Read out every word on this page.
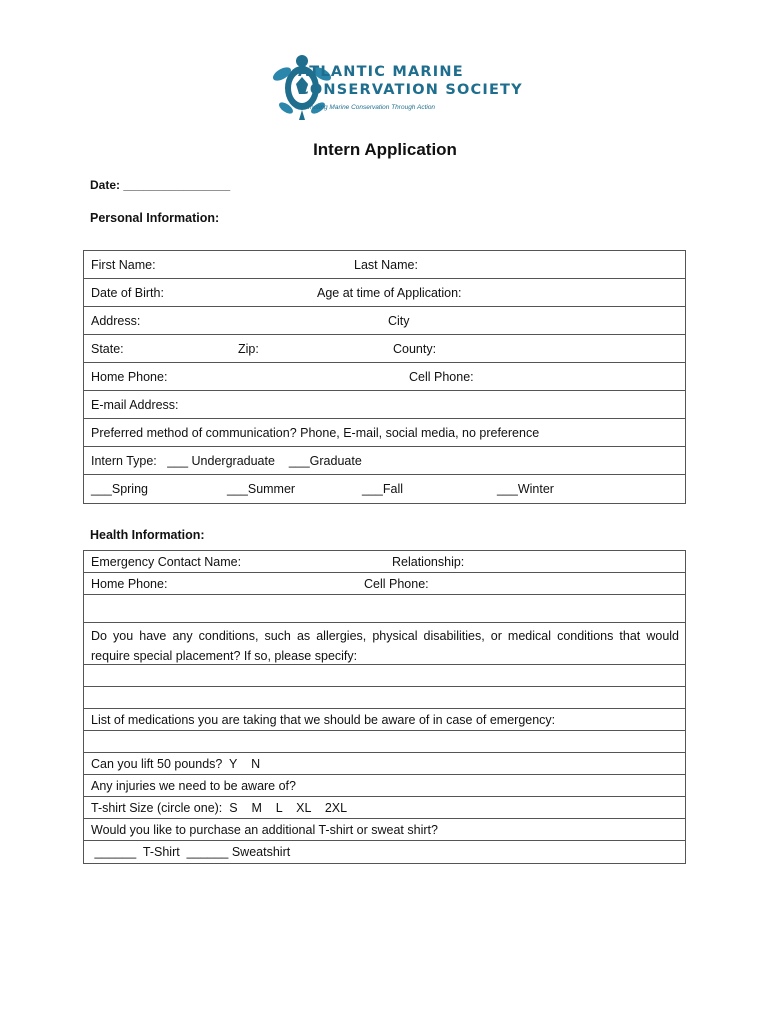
ATLANTIC MARINE
CONSERVATION SOCIETY
Promoting Marine Conservation Through Action
Intern Application
Date: ________________
Personal Information:
First Name:	Last Name:
Date of Birth:	Age at time of Application:
Address:	City
State:	Zip:	County:
Home Phone:	Cell Phone:
E-mail Address:
Preferred method of communication? Phone, E-mail, social media, no preference
Intern Type:   ___ Undergraduate    ___Graduate
___Spring	___Summer	___Fall	___Winter
Health Information:
Emergency Contact Name:	Relationship:
Home Phone:	Cell Phone:
Do you have any conditions, such as allergies, physical disabilities, or medical conditions that would require special placement? If so, please specify:
List of medications you are taking that we should be aware of in case of emergency:
Can you lift 50 pounds?  Y    N
Any injuries we need to be aware of?
T-shirt Size (circle one):  S    M    L    XL    2XL
Would you like to purchase an additional T-shirt or sweat shirt?
______  T-Shirt  ______ Sweatshirt
